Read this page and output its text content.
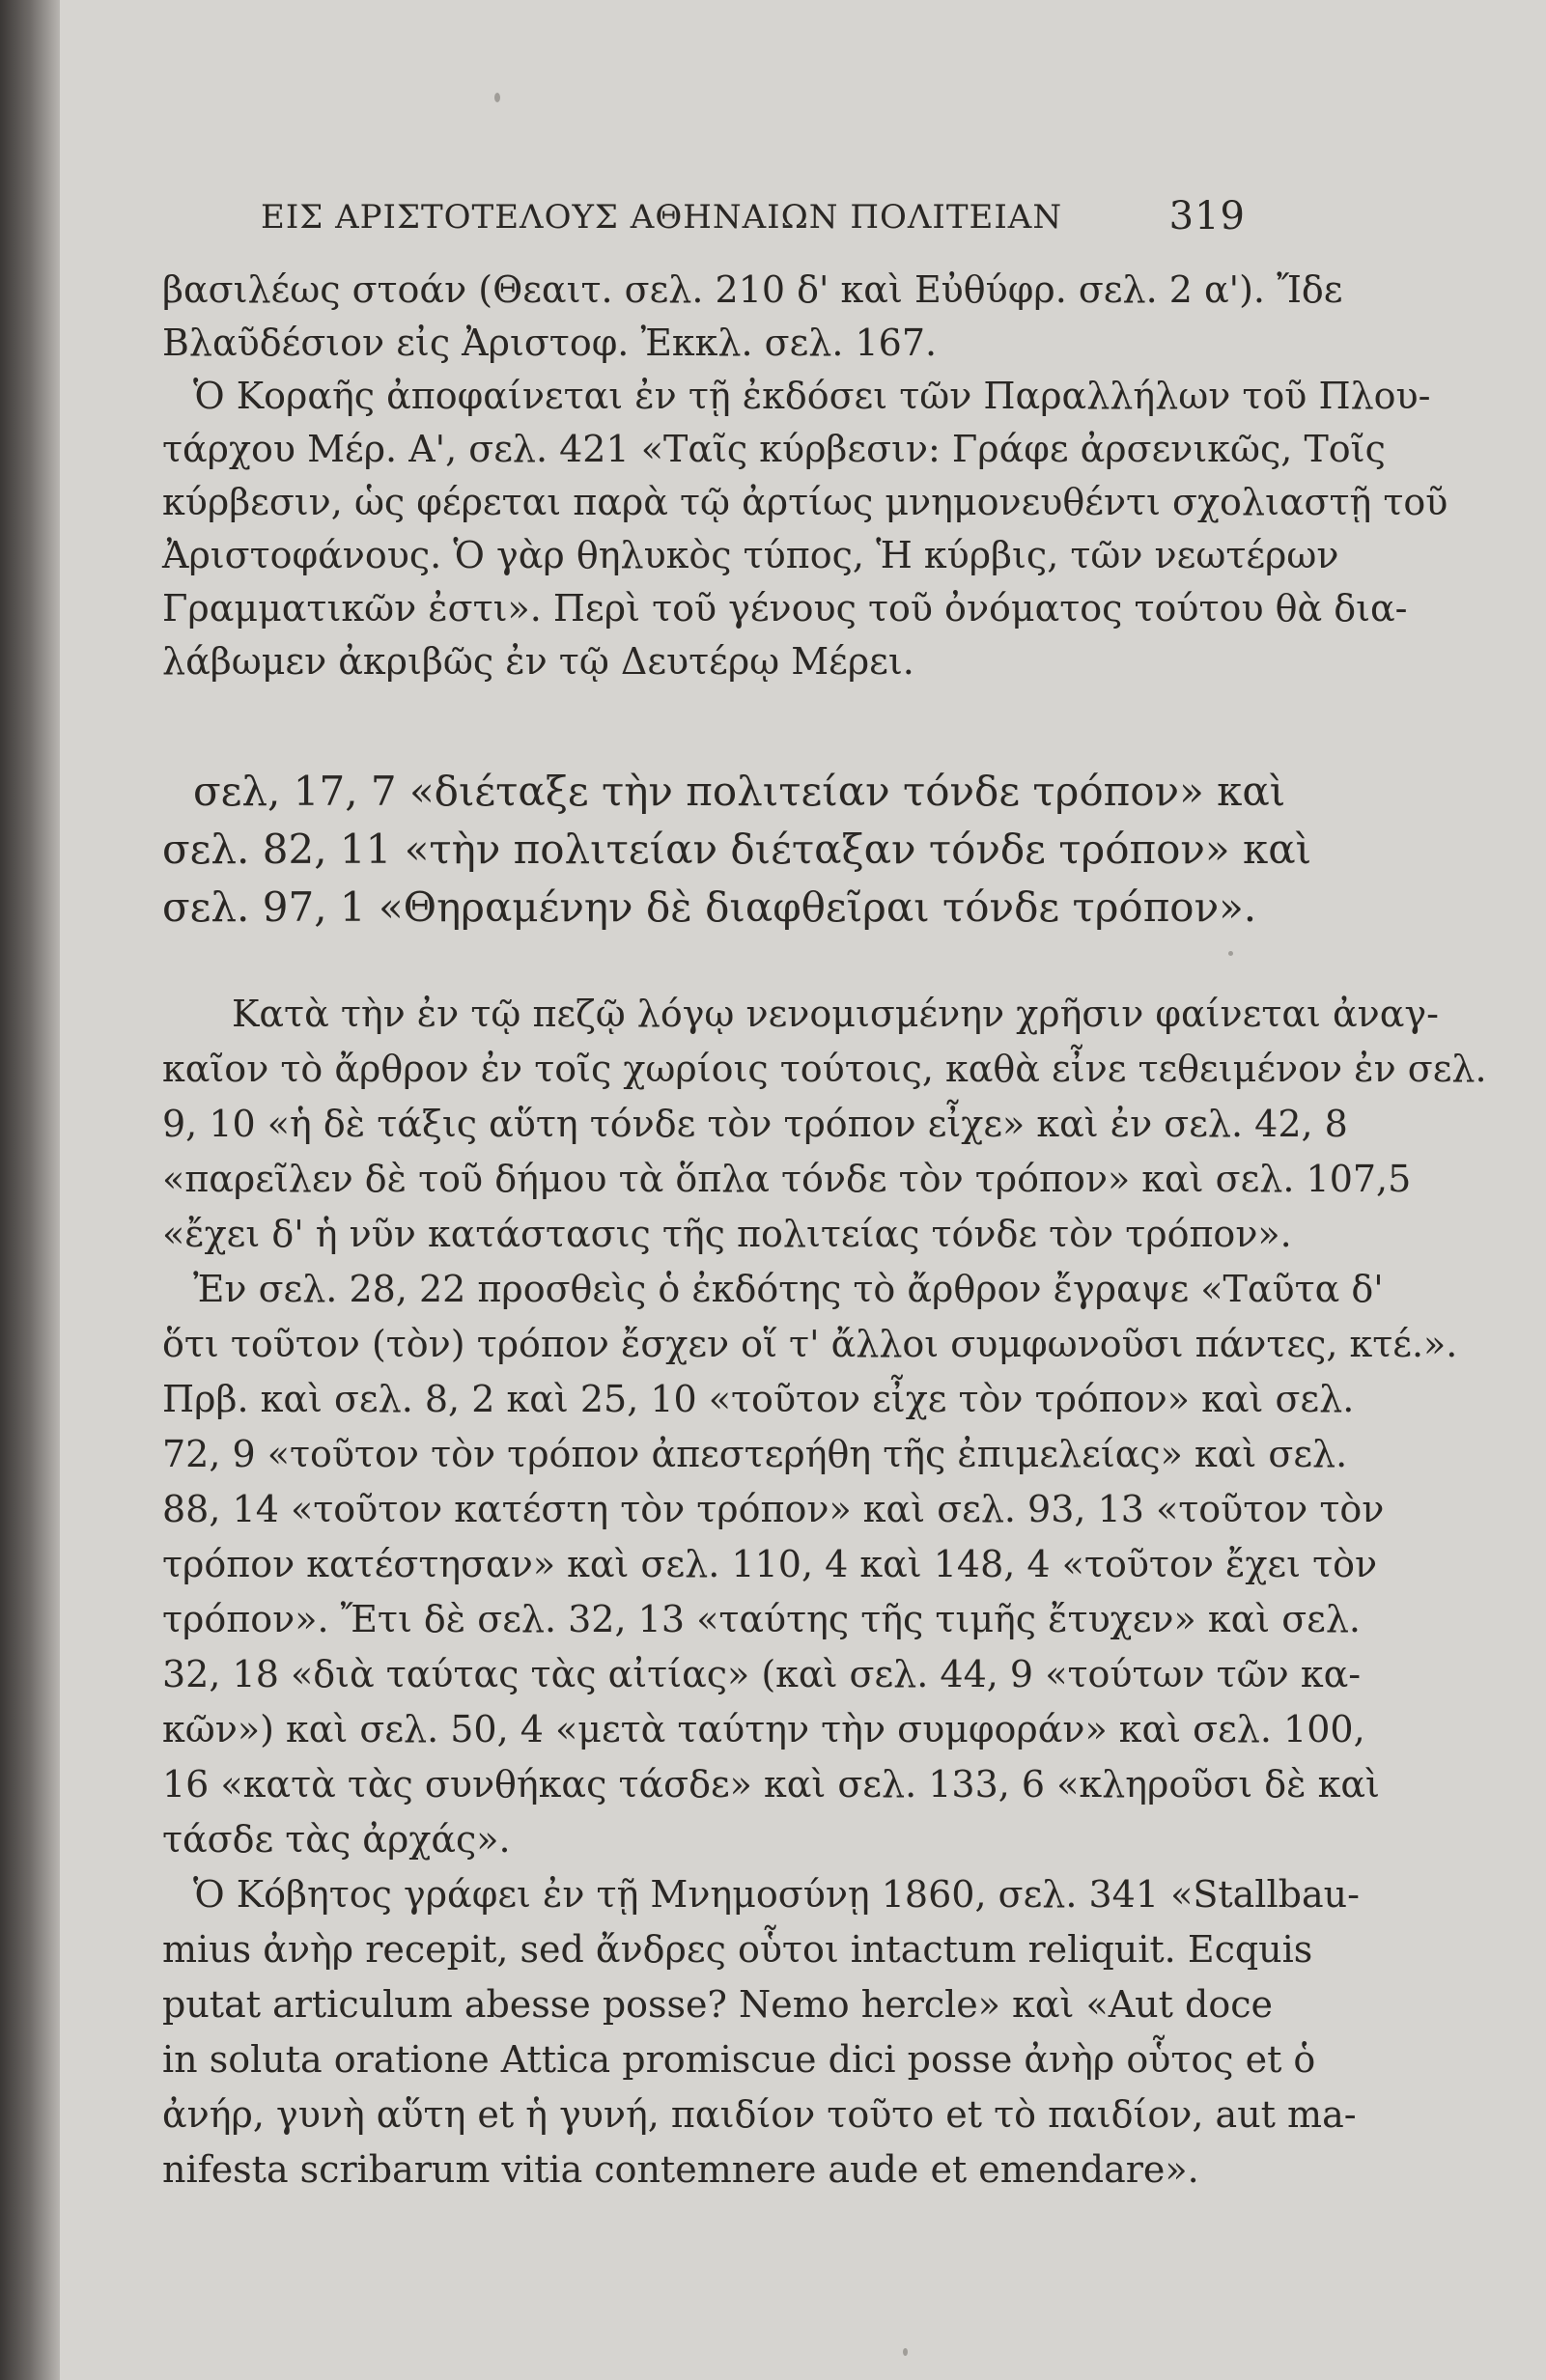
ΕΙΣ ΑΡΙΣΤΟΤΕΛΟΥΣ ΑΘΗΝΑΙΩΝ ΠΟΛΙΤΕΙΑΝ	319
βασιλέως στοάν (Θεαιτ. σελ. 210 δ' καὶ Εὐθύφρ. σελ. 2 α'). Ἴδε
Βλαῦδέσιον εἰς Ἀριστοφ. Ἐκκλ. σελ. 167.
Ὁ Κοραῆς ἀποφαίνεται ἐν τῇ ἐκδόσει τῶν Παραλλήλων τοῦ Πλου-
τάρχου Μέρ. Α', σελ. 421 «Ταῖς κύρβεσιν: Γράφε ἀρσενικῶς, Τοῖς
κύρβεσιν, ὡς φέρεται παρὰ τῷ ἀρτίως μνημονευθέντι σχολιαστῇ τοῦ
Ἀριστοφάνους. Ὁ γὰρ θηλυκὸς τύπος, Ἡ κύρβις, τῶν νεωτέρων
Γραμματικῶν ἐστι». Περὶ τοῦ γένους τοῦ ὀνόματος τούτου θὰ δια-
λάβωμεν ἀκριβῶς ἐν τῷ Δευτέρῳ Μέρει.
σελ, 17, 7 «διέταξε τὴν πολιτείαν τόνδε τρόπον» καὶ
σελ. 82, 11 «τὴν πολιτείαν διέταξαν τόνδε τρόπον» καὶ
σελ. 97, 1 «Θηραμένην δὲ διαφθεῖραι τόνδε τρόπον».
Κατὰ τὴν ἐν τῷ πεζῷ λόγῳ νενομισμένην χρῆσιν φαίνεται ἀναγ-
καῖον τὸ ἄρθρον ἐν τοῖς χωρίοις τούτοις, καθὰ εἶνε τεθειμένον ἐν σελ.
9, 10 «ἡ δὲ τάξις αὕτη τόνδε τὸν τρόπον εἶχε» καὶ ἐν σελ. 42, 8
«παρεῖλεν δὲ τοῦ δήμου τὰ ὅπλα τόνδε τὸν τρόπον» καὶ σελ. 107,5
«ἔχει δ' ἡ νῦν κατάστασις τῆς πολιτείας τόνδε τὸν τρόπον».
Ἐν σελ. 28, 22 προσθεὶς ὁ ἐκδότης τὸ ἄρθρον ἔγραψε «Ταῦτα δ'
ὅτι τοῦτον (τὸν) τρόπον ἔσχεν οἵ τ' ἄλλοι συμφωνοῦσι πάντες, κτέ.».
Πρβ. καὶ σελ. 8, 2 καὶ 25, 10 «τοῦτον εἶχε τὸν τρόπον» καὶ σελ.
72, 9 «τοῦτον τὸν τρόπον ἀπεστερήθη τῆς ἐπιμελείας» καὶ σελ.
88, 14 «τοῦτον κατέστη τὸν τρόπον» καὶ σελ. 93, 13 «τοῦτον τὸν
τρόπον κατέστησαν» καὶ σελ. 110, 4 καὶ 148, 4 «τοῦτον ἔχει τὸν
τρόπον». Ἔτι δὲ σελ. 32, 13 «ταύτης τῆς τιμῆς ἔτυχεν» καὶ σελ.
32, 18 «διὰ ταύτας τὰς αἰτίας» (καὶ σελ. 44, 9 «τούτων τῶν κα-
κῶν») καὶ σελ. 50, 4 «μετὰ ταύτην τὴν συμφοράν» καὶ σελ. 100,
16 «κατὰ τὰς συνθήκας τάσδε» καὶ σελ. 133, 6 «κληροῦσι δὲ καὶ
τάσδε τὰς ἀρχάς».
Ὁ Κόβητος γράφει ἐν τῇ Μνημοσύνῃ 1860, σελ. 341 «Stallbau-
mius ἀνὴρ recepit, sed ἄνδρες οὗτοι intactum reliquit. Ecquis
putat articulum abesse posse? Nemo hercle» καὶ «Aut doce
in soluta oratione Attica promiscue dici posse ἀνὴρ οὗτος et ὁ
ἀνήρ, γυνὴ αὕτη et ἡ γυνή, παιδίον τοῦτο et τὸ παιδίον, aut ma-
nifesta scribarum vitia contemnere aude et emendare».
